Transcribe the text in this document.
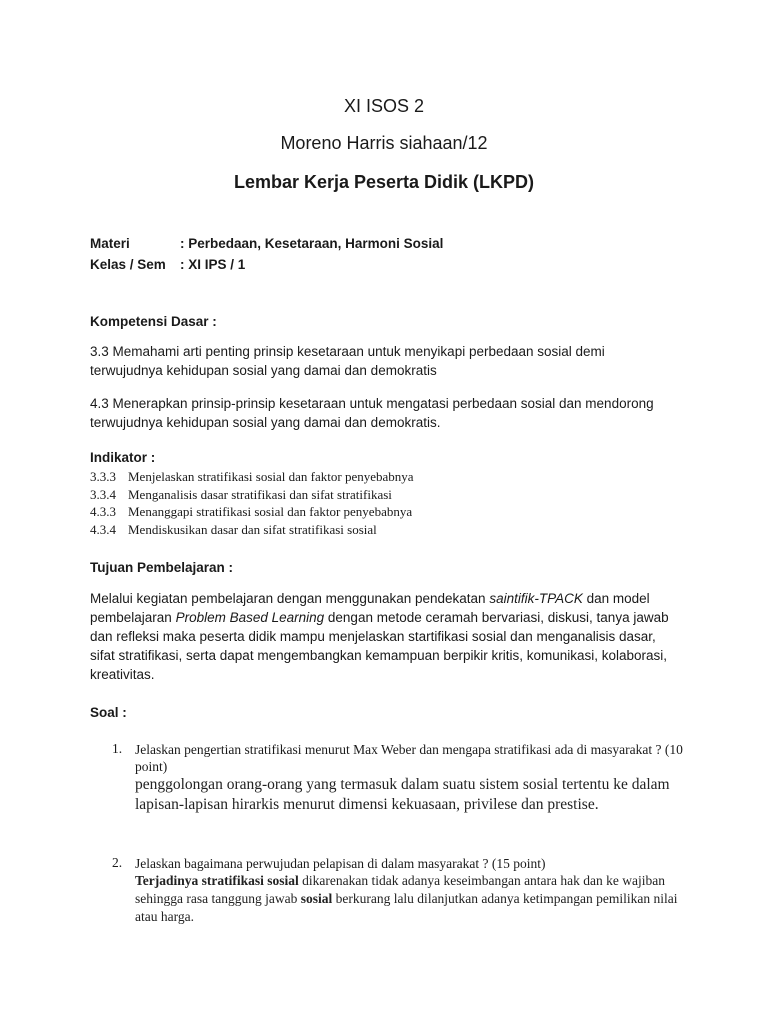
XI ISOS 2
Moreno Harris siahaan/12
Lembar Kerja Peserta Didik (LKPD)
Materi	: Perbedaan, Kesetaraan, Harmoni Sosial
Kelas / Sem : XI IPS / 1
Kompetensi Dasar :
3.3 Memahami arti penting prinsip kesetaraan untuk menyikapi perbedaan sosial demi terwujudnya kehidupan sosial yang damai dan demokratis
4.3 Menerapkan prinsip-prinsip kesetaraan untuk mengatasi perbedaan sosial dan mendorong terwujudnya kehidupan sosial yang damai dan demokratis.
Indikator :
3.3.3 Menjelaskan stratifikasi sosial dan faktor penyebabnya
3.3.4 Menganalisis dasar stratifikasi dan sifat stratifikasi
4.3.3 Menanggapi stratifikasi sosial dan faktor penyebabnya
4.3.4 Mendiskusikan dasar dan sifat stratifikasi sosial
Tujuan Pembelajaran :
Melalui kegiatan pembelajaran dengan menggunakan pendekatan saintifik-TPACK dan model pembelajaran Problem Based Learning dengan metode ceramah bervariasi, diskusi, tanya jawab dan refleksi maka peserta didik mampu menjelaskan startifikasi sosial dan menganalisis dasar, sifat stratifikasi, serta dapat mengembangkan kemampuan berpikir kritis, komunikasi, kolaborasi, kreativitas.
Soal :
1. Jelaskan pengertian stratifikasi menurut Max Weber dan mengapa stratifikasi ada di masyarakat ? (10 point)
penggolongan orang-orang yang termasuk dalam suatu sistem sosial tertentu ke dalam lapisan-lapisan hirarkis menurut dimensi kekuasaan, privilese dan prestise.
2. Jelaskan bagaimana perwujudan pelapisan di dalam masyarakat ? (15 point)
Terjadinya stratifikasi sosial dikarenakan tidak adanya keseimbangan antara hak dan ke wajiban sehingga rasa tanggung jawab sosial berkurang lalu dilanjutkan adanya ketimpangan pemilikan nilai atau harga.
